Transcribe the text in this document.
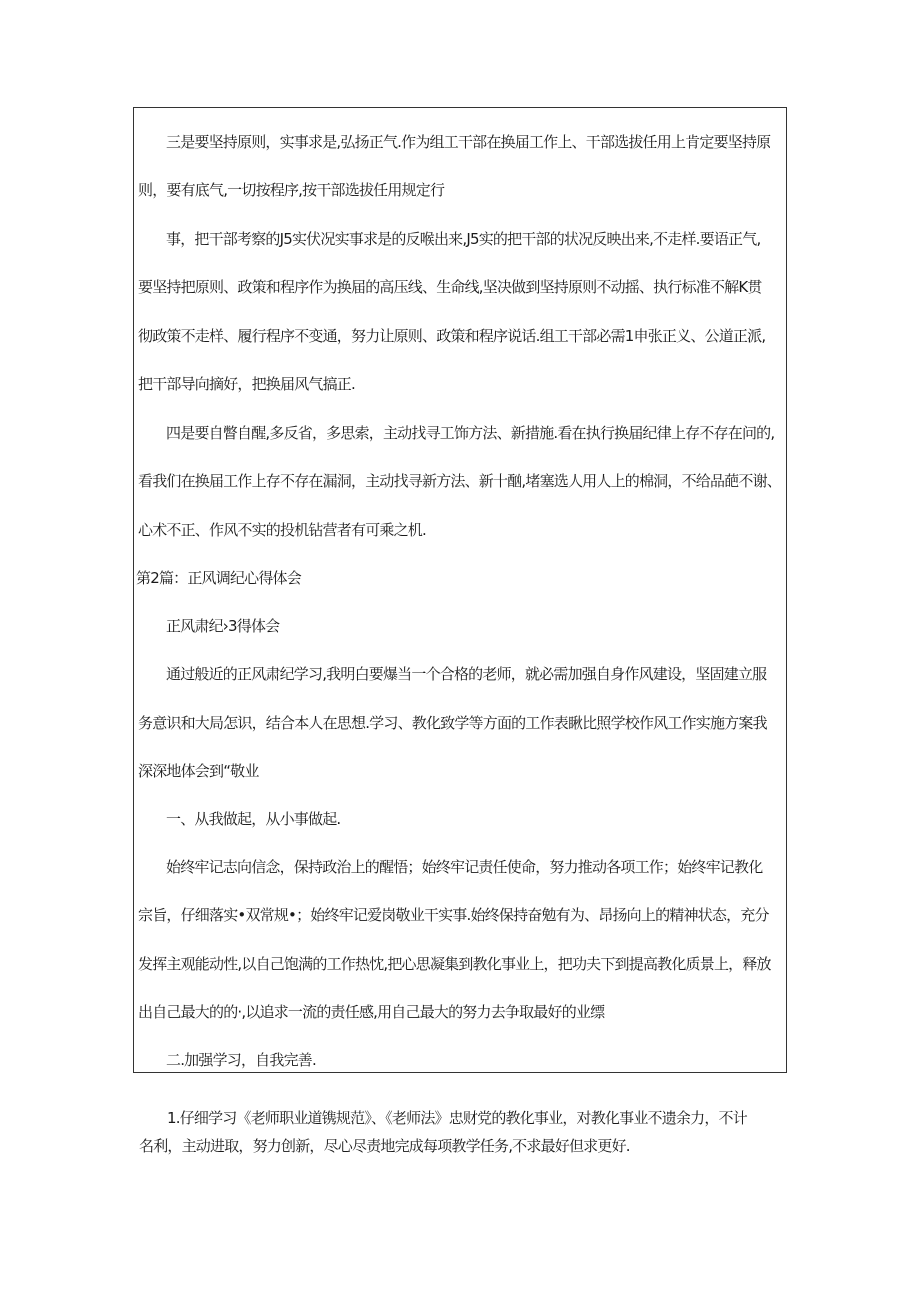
三是要坚持原则，实事求是,弘扬正气.作为组工干部在换届工作上、干部选拔任用上肯定要坚持原
则，要有底气,一切按程序,按干部选拔任用规定行
事，把干部考察的J5实伏况实事求是的反喉出来,J5实的把干部的状况反映出来,不走样.要语正气,
要坚持把原则、政策和程序作为换届的高压线、生命线,坚决做到坚持原则不动摇、执行标准不解K贯
彻政策不走样、履行程序不变通，努力让原则、政策和程序说话.组工干部必需1申张正义、公道正派,
把干部导向摘好，把换届风气搞正.
四是要自瞥自醒,多反省，多思索，主动找寻工饰方法、新措施.看在执行换届纪律上存不存在问的,
看我们在换届工作上存不存在漏洞，主动找寻新方法、新十酗,堵塞选人用人上的棉洞，不给品葩不谢、
心术不正、作风不实的投机钻营者有可乘之机.
第2篇：正风调纪心得体会
正风肃纪›3得体会
通过般近的正风肃纪学习,我明白要爆当一个合格的老师，就必需加强自身作风建设，坚固建立服
务意识和大局怎识，结合本人在思想.学习、教化致学等方面的工作表瞅比照学校作风工作实施方案我
深深地体会到“敬业
一、从我做起，从小事做起.
始终牢记志向信念，保持政治上的醒悟；始终牢记责任使命，努力推动各项工作；始终牢记教化
宗旨，仔细落实•双常规•；始终牢记爱岗敬业干实事.始终保持奋勉有为、昂扬向上的精神状态，充分
发挥主观能动性,以自己饱满的工作热忱,把心思凝集到教化事业上，把功夫下到提高教化质景上，释放
出自己最大的的·,以追求一流的责任感,用自己最大的努力去争取最好的业缥
二.加强学习，自我完善.
1.仔细学习《老师职业道镌规范》、《老师法》忠财党的教化事业，对教化事业不遗余力，不计
名利，主动进取，努力创新，尽心尽责地完成每项教学任务,不求最好但求更好.
